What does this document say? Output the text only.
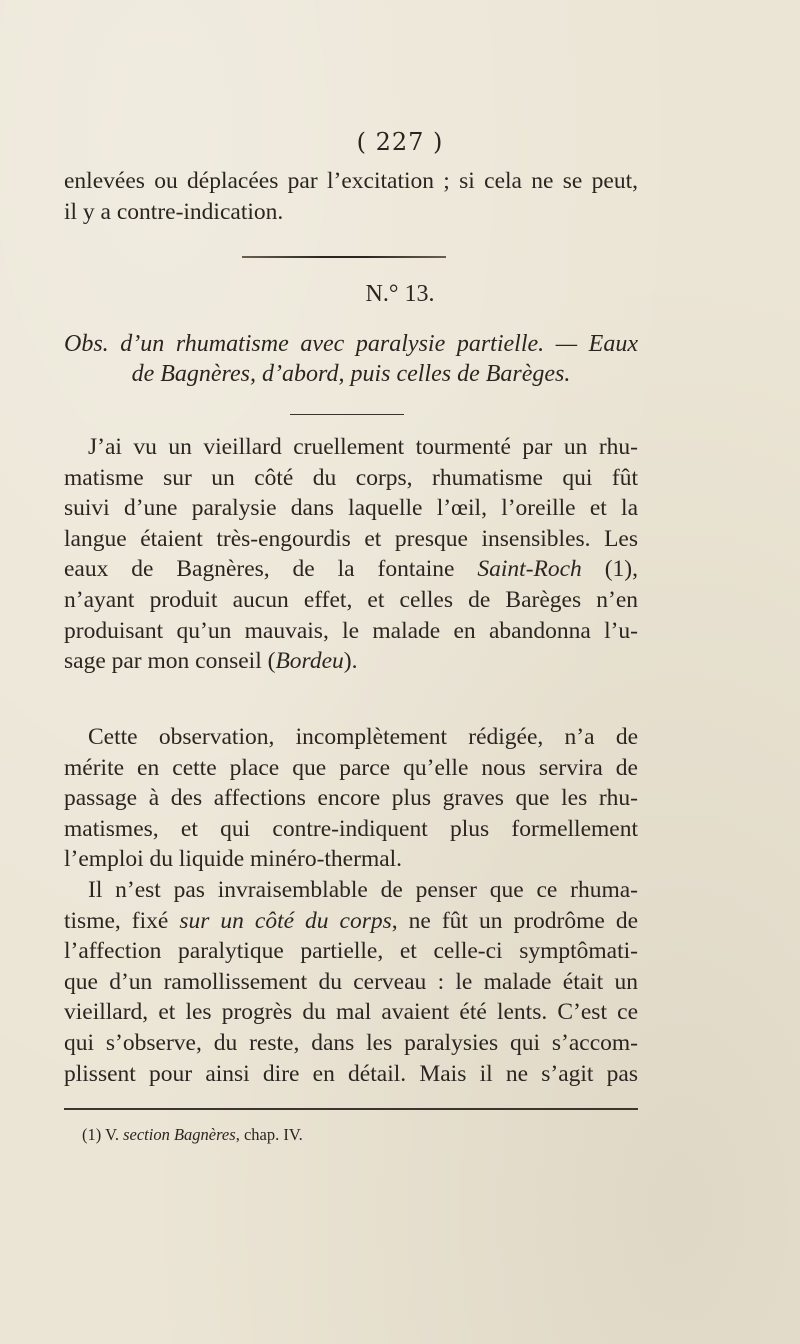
( 227 )
enlevées ou déplacées par l’excitation ; si cela ne se peut,
il y a contre-indication.
N.° 13.
Obs. d’un rhumatisme avec paralysie partielle. — Eaux
de Bagnères, d’abord, puis celles de Barèges.
J’ai vu un vieillard cruellement tourmenté par un rhu-
matisme sur un côté du corps, rhumatisme qui fût
suivi d’une paralysie dans laquelle l’œil, l’oreille et la
langue étaient très-engourdis et presque insensibles. Les
eaux de Bagnères, de la fontaine Saint-Roch (1),
n’ayant produit aucun effet, et celles de Barèges n’en
produisant qu’un mauvais, le malade en abandonna l’u-
sage par mon conseil (Bordeu).
Cette observation, incomplètement rédigée, n’a de
mérite en cette place que parce qu’elle nous servira de
passage à des affections encore plus graves que les rhu-
matismes, et qui contre-indiquent plus formellement
l’emploi du liquide minéro-thermal.
Il n’est pas invraisemblable de penser que ce rhuma-
tisme, fixé sur un côté du corps, ne fût un prodrôme de
l’affection paralytique partielle, et celle-ci symptômati-
que d’un ramollissement du cerveau : le malade était un
vieillard, et les progrès du mal avaient été lents. C’est ce
qui s’observe, du reste, dans les paralysies qui s’accom-
plissent pour ainsi dire en détail. Mais il ne s’agit pas
(1) V. section Bagnères, chap. IV.
